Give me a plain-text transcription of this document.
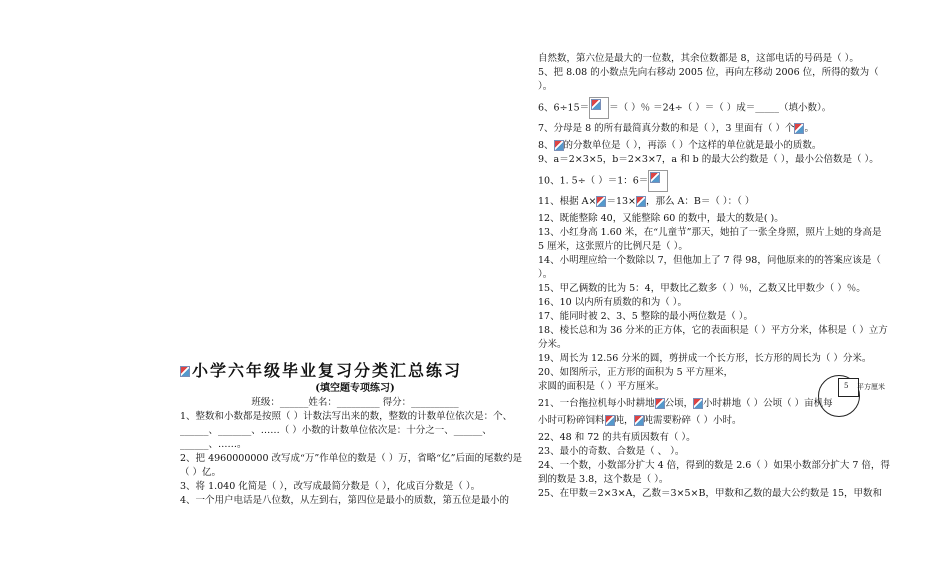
小学六年级毕业复习分类汇总练习
(填空题专项练习)
班级：______姓名：_________ 得分：__________
1、整数和小数都是按照（ ）计数法写出来的数，整数的计数单位依次是：个、______、_______、……（ ）小数的计数单位依次是：十分之一、______、______、……。
2、把 4960000000 改写成“万”作单位的数是（ ）万，省略“亿”后面的尾数约是（ ）亿。
3、将 1.040 化简是（ ），改写成最简分数是（ ），化成百分数是（ ）。
4、一个用户电话是八位数，从左到右，第四位是最小的质数，第五位是最小的
自然数，第六位是最大的一位数，其余位数都是 8，这部电话的号码是（ ）。
5、把 8.08 的小数点先向右移动 2005 位，再向左移动 2006 位，所得的数为（ ）。
6、6÷15＝ ＝（ ）％ ＝24÷（ ）＝（ ）成＝_____（填小数）。
7、分母是 8 的所有最简真分数的和是（ ），3 里面有（ ）个 。
8、 的分数单位是（ ），再添（ ）个这样的单位就是最小的质数。
9、a＝2×3×5，b＝2×3×7，a 和 b 的最大公约数是（ ），最小公倍数是（ ）。
10、1. 5÷（ ）＝1：6＝
11、根据 A× ＝13× ，那么 A：B＝（ ）：（ ）
12、既能整除 40，又能整除 60 的数中，最大的数是( )。
13、小红身高 1.60 米，在“儿童节”那天，她拍了一张全身照，照片上她的身高是 5 厘米，这张照片的比例尺是（ ）。
14、小明理应给一个数除以 7，但他加上了 7 得 98，问他原来的的答案应该是（ ）。
15、甲乙俩数的比为 5：4，甲数比乙数多（ ）％，乙数又比甲数少（ ）％。
16、10 以内所有质数的和为（ ）。
17、能同时被 2、3、5 整除的最小两位数是（ ）。
18、棱长总和为 36 分米的正方体，它的表面积是（ ）平方分米，体积是（ ）立方分米。
19、周长为 12.56 分米的圆，剪拼成一个长方形，长方形的周长为（ ）分米。
20、如图所示，正方形的面积为 5 平方厘米，
求圆的面积是（ ）平方厘米。
21、一台拖拉机每小时耕地 公顷， 小时耕地（ ）公顷（ ）亩机每
小时可粉碎饲料 吨， 吨需要粉碎（ ）小时。
22、48 和 72 的共有质因数有（ ）。
23、最小的奇数、合数是（ 、 ）。
24、一个数，小数部分扩大 4 倍，得到的数是 2.6（ ）如果小数部分扩大 7 倍，得到的数是 3.8，这个数是（ ）。
25、在甲数＝2×3×A，乙数＝3×5×B，甲数和乙数的最大公约数是 15，甲数和
5 平方厘米
